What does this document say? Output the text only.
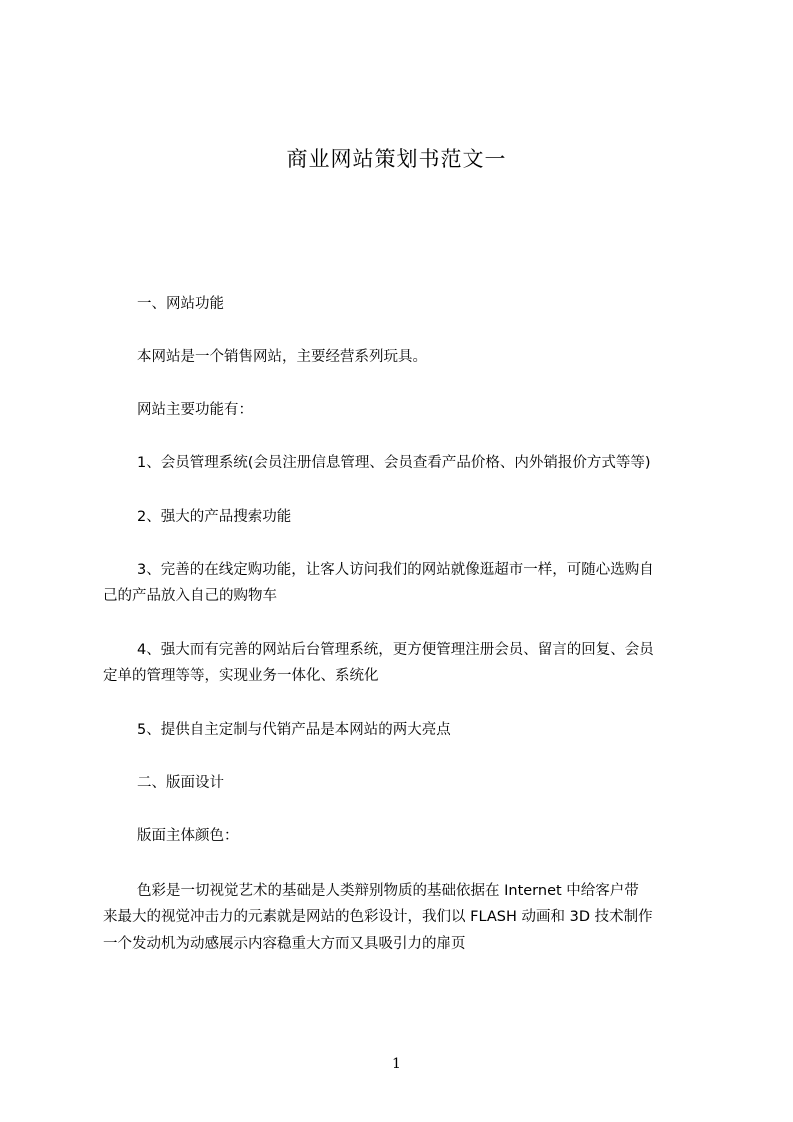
商业网站策划书范文一
一、网站功能
本网站是一个销售网站，主要经营系列玩具。
网站主要功能有：
1、会员管理系统(会员注册信息管理、会员查看产品价格、内外销报价方式等等)
2、强大的产品搜索功能
3、完善的在线定购功能，让客人访问我们的网站就像逛超市一样，可随心选购自
己的产品放入自己的购物车
4、强大而有完善的网站后台管理系统，更方便管理注册会员、留言的回复、会员
定单的管理等等，实现业务一体化、系统化
5、提供自主定制与代销产品是本网站的两大亮点
二、版面设计
版面主体颜色：
色彩是一切视觉艺术的基础是人类辩别物质的基础依据在 Internet 中给客户带
来最大的视觉冲击力的元素就是网站的色彩设计，我们以 FLASH 动画和 3D 技术制作
一个发动机为动感展示内容稳重大方而又具吸引力的扉页
1
